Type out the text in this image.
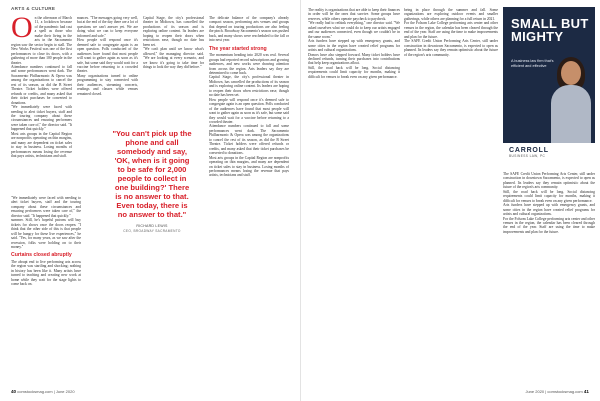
ARTS & CULTURE
O n the afternoon of March 11, a lockdown because of the pandemic had cast a spell as those who make their living in the arts in the Sacramento region saw the sector begin to stall. The New Works Festival was one of the first performances to close its doors, with a gathering of more than 100 people in the theater.

Attendance numbers continued to fall and some performances went dark. The Sacramento Philharmonic & Opera was among the organizations to cancel the rest of its season, as did the B Street Theatre. Ticket holders were offered refunds or credits, and many asked that their ticket purchases be converted to donations.

"We immediately were faced with needing to alert ticket buyers, staff and the touring company about these circumstances and ensuring performers were taken care of," the director said. "It happened that quickly."

Most arts groups in the Capital Region are nonprofits operating on thin margins, and many are dependent on ticket sales to stay in business. Losing months of performances means losing the revenue that pays artists, technicians and staff.

mances. "The messages going very well, but at the end of the day there are a lot of questions we can't answer yet. We are doing what we can to keep everyone informed and safe."

How people will respond once it's deemed safe to congregate again is an open question. Polls conducted of the audiences have found that most people will want to gather again as soon as it's safe, but some said they would wait for a vaccine before returning to a crowded theater.

Many organizations turned to online programming to stay connected with their audiences, streaming concerts, readings and classes while venues remained closed.

Capital Stage, the city's professional theater in Midtown, has cancelled the productions of its season and is exploring online content. Its leaders are hoping to reopen their doors when restrictions ease, though no date has been set.

"We can't plan until we know what's allowed," the managing director said. "We are looking at every scenario, and we know it's going to take time for things to look the way they did before."

The delicate balance of the company's already compact season, performing arts venues and groups that depend on touring productions are also feeling the pinch. Broadway Sacramento's season was pushed back, and many shows were rescheduled to the fall or into next year.

The year started strong

The momentum heading into 2020 was real. Several groups had reported record subscriptions and growing audiences, and new works were drawing attention from across the region. Arts leaders say they are determined to come back.

Capital Stage, the city's professional theater in Midtown, has cancelled the productions of its season and is exploring online content. Its leaders are hoping to reopen their doors when restrictions ease, though no date has been set.

How people will respond once it's deemed safe to congregate again is an open question. Polls conducted of the audiences have found that most people will want to gather again as soon as it's safe, but some said they would wait for a vaccine before returning to a crowded theater.

Attendance numbers continued to fall and some performances went dark. The Sacramento Philharmonic & Opera was among the organizations to cancel the rest of its season, as did the B Street Theatre. Ticket holders were offered refunds or credits, and many asked that their ticket purchases be converted to donations.

Most arts groups in the Capital Region are nonprofits operating on thin margins, and many are dependent on ticket sales to stay in business. Losing months of performances means losing the revenue that pays artists, technicians and staff.

"You can't pick up the phone and call somebody and say, 'OK, when is it going to be safe for 2,000 people to collect in one building?' There is no answer to that. Even today, there is no answer to that."
RICHARD LEWIS
CEO, BROADWAY SACRAMENTO

"We immediately were faced with needing to alert ticket buyers, staff and the touring company about these circumstances and ensuring performers were taken care of," the director said. "It happened that quickly."

summer. Still, he's hopeful patrons will buy tickets for shows once the doors reopen. "I think that the other side of this is that people will be hungry for these live experiences," he said. "Yes, for many years, as we saw after the recession, folks were holding on to their money."

Curtains closed abruptly

The abrupt end to live performing arts across the region was startling and shocking; nothing in history has been like it. Many artists have turned to teaching and creating new work at home while they wait for the stage lights to come back on.

40 comstocksmag.com | June 2020

The reality is organizations that are able to keep their finances in order will be the ones that survive. Some groups have reserves, while others operate paycheck to paycheck.

"We really had to rethink everything," one director said. "We asked ourselves what we could do to keep our artists engaged and our audiences connected, even though we couldn't be in the same room."

Arts funders have stepped up with emergency grants, and some cities in the region have created relief programs for artists and cultural organizations.

Donors have also stepped forward. Many ticket holders have declined refunds, turning their purchases into contributions that help keep organizations afloat.

Still, the road back will be long. Social distancing requirements could limit capacity for months, making it difficult for venues to break even on any given performance.

being in place through the summer and fall. Some organizations are exploring outdoor events and smaller gatherings, while others are planning for a full return in 2021.

For the Folsom Lake College performing arts center and other venues in the region, the calendar has been cleared through the end of the year. Staff are using the time to make improvements and plan for the future.

The SAFE Credit Union Performing Arts Center, still under construction in downtown Sacramento, is expected to open as planned. Its leaders say they remain optimistic about the future of the region's arts community.

The SAFE Credit Union Performing Arts Center, still under construction in downtown Sacramento, is expected to open as planned. Its leaders say they remain optimistic about the future of the region's arts community.

Still, the road back will be long. Social distancing requirements could limit capacity for months, making it difficult for venues to break even on any given performance.

Arts funders have stepped up with emergency grants, and some cities in the region have created relief programs for artists and cultural organizations.

For the Folsom Lake College performing arts center and other venues in the region, the calendar has been cleared through the end of the year. Staff are using the time to make improvements and plan for the future.

SMALL BUT MIGHTY
A business law firm that's efficient and effective
CARROLL
BUSINESS LAW, PC
June 2020 | comstocksmag.com 41
